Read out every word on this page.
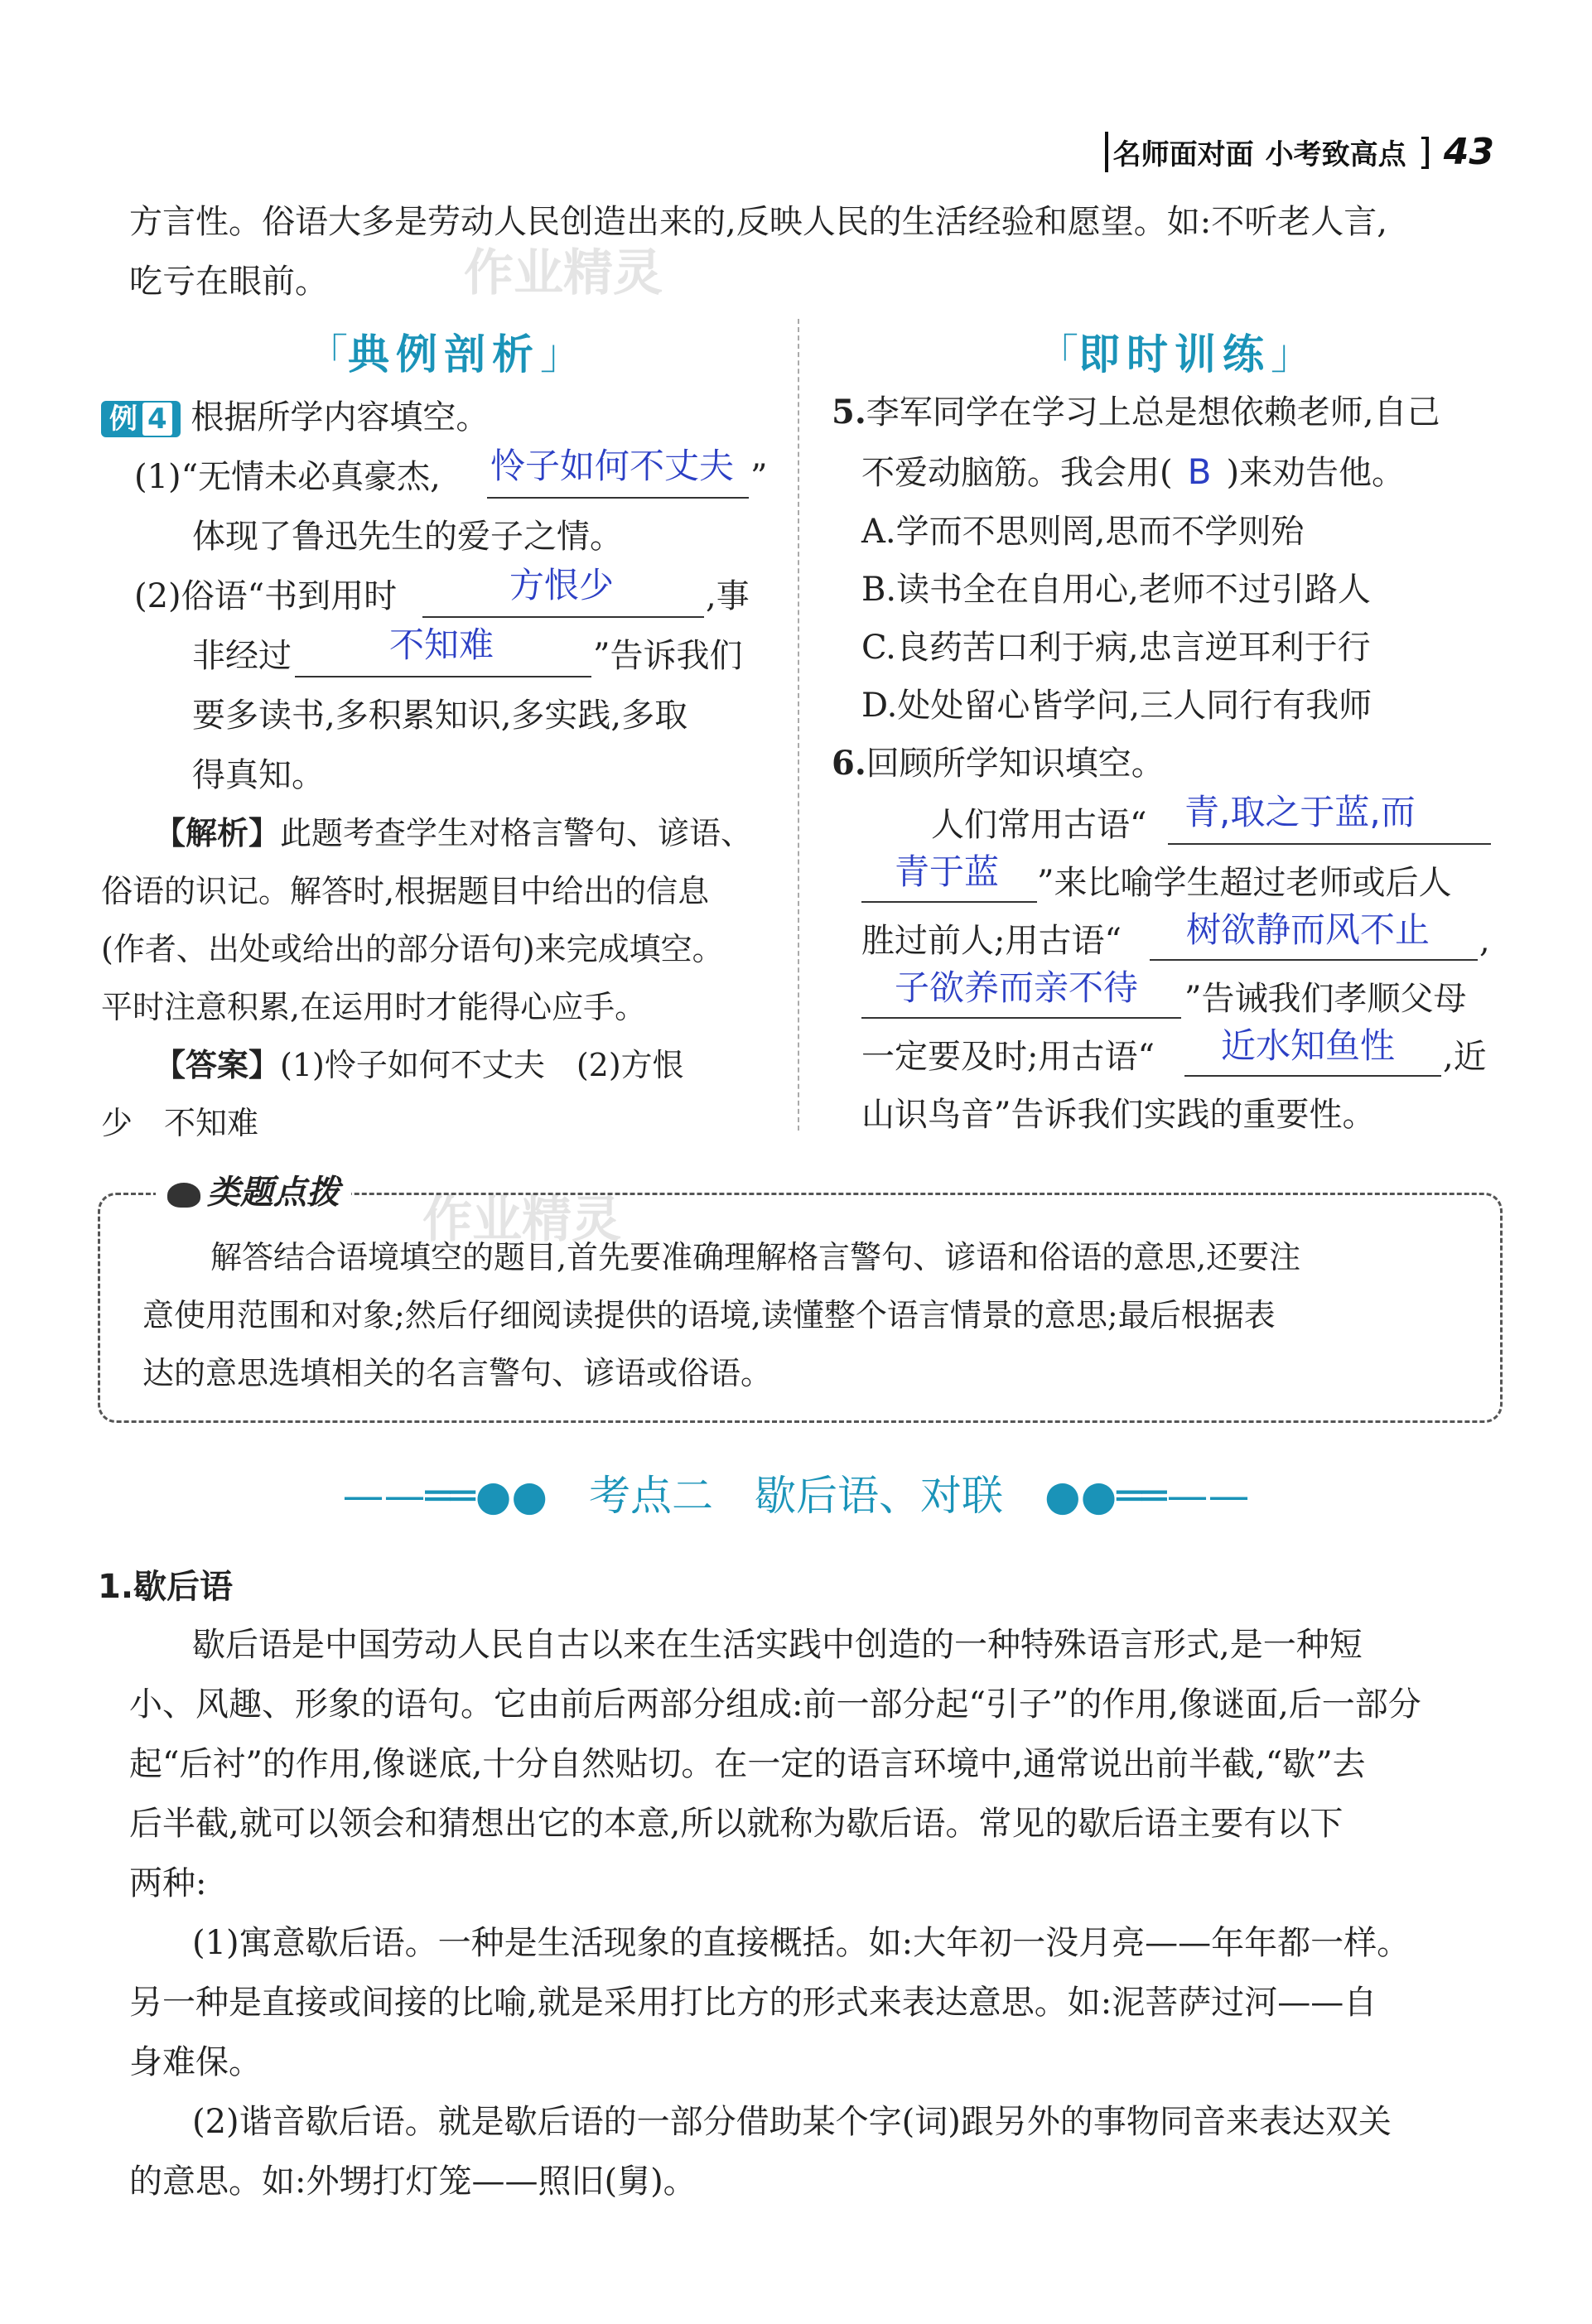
名师面对面 小考致高点 ] 43
作业精灵
作业精灵
方言性。俗语大多是劳动人民创造出来的,反映人民的生活经验和愿望。如:不听老人言,
吃亏在眼前。
「典例剖析」
例 4 根据所学内容填空。
(1)“无情未必真豪杰, 怜子如何不丈夫 ”
体现了鲁迅先生的爱子之情。
(2)俗语“书到用时	方恨少	,事
非经过	不知难	”告诉我们
要多读书,多积累知识,多实践,多取
得真知。
【解析】此题考查学生对格言警句、谚语、
俗语的识记。解答时,根据题目中给出的信息
(作者、出处或给出的部分语句)来完成填空。
平时注意积累,在运用时才能得心应手。
【答案】(1)怜子如何不丈夫　(2)方恨
少　不知难
「即时训练」
5.李军同学在学习上总是想依赖老师,自己
不爱动脑筋。我会用( B )来劝告他。
A.学而不思则罔,思而不学则殆
B.读书全在自用心,老师不过引路人
C.良药苦口利于病,忠言逆耳利于行
D.处处留心皆学问,三人同行有我师
6.回顾所学知识填空。
人们常用古语“ 青,取之于蓝,而
青于蓝 ”来比喻学生超过老师或后人
胜过前人;用古语“ 树欲静而风不止 ,
子欲养而亲不待 ”告诫我们孝顺父母
一定要及时;用古语“ 近水知鱼性 ,近
山识鸟音”告诉我们实践的重要性。
类题点拨
解答结合语境填空的题目,首先要准确理解格言警句、谚语和俗语的意思,还要注
意使用范围和对象;然后仔细阅读提供的语境,读懂整个语言情景的意思;最后根据表
达的意思选填相关的名言警句、谚语或俗语。
——══●●　考点二　歇后语、对联　●●══——
1.歇后语
歇后语是中国劳动人民自古以来在生活实践中创造的一种特殊语言形式,是一种短
小、风趣、形象的语句。它由前后两部分组成:前一部分起“引子”的作用,像谜面,后一部分
起“后衬”的作用,像谜底,十分自然贴切。在一定的语言环境中,通常说出前半截,“歇”去
后半截,就可以领会和猜想出它的本意,所以就称为歇后语。常见的歇后语主要有以下
两种:
(1)寓意歇后语。一种是生活现象的直接概括。如:大年初一没月亮——年年都一样。
另一种是直接或间接的比喻,就是采用打比方的形式来表达意思。如:泥菩萨过河——自
身难保。
(2)谐音歇后语。就是歇后语的一部分借助某个字(词)跟另外的事物同音来表达双关
的意思。如:外甥打灯笼——照旧(舅)。
